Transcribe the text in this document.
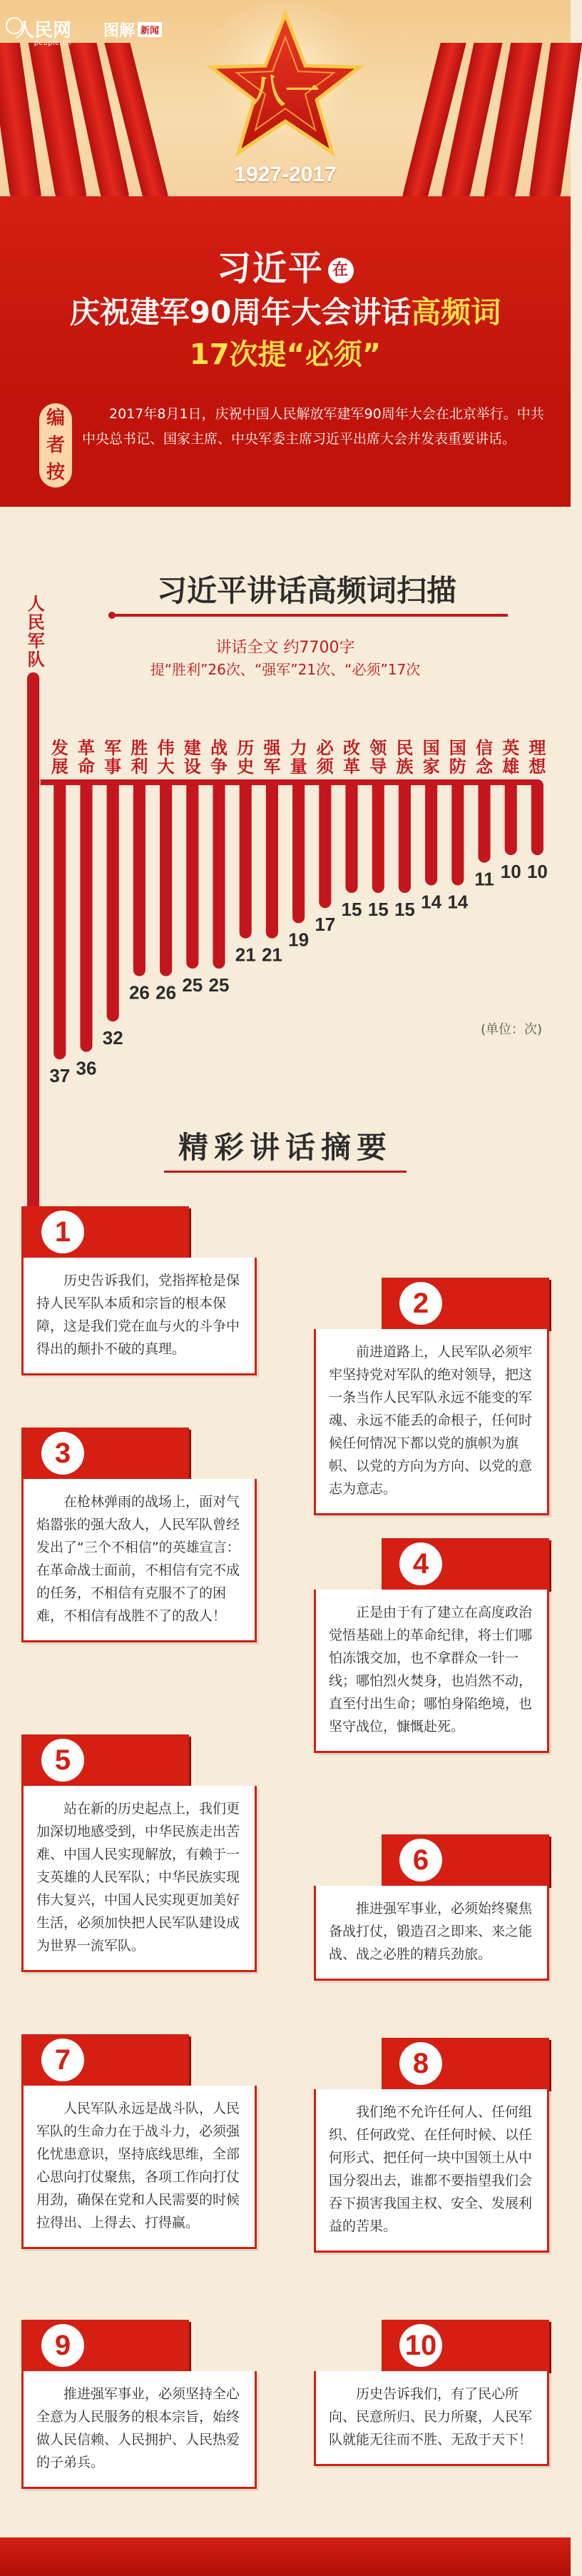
人民网
people.cn
图解 新闻
八一
1927-2017
习近平 在
庆祝建军90周年大会讲话高频词
17次提“必须”
编
者
按
2017年8月1日，庆祝中国人民解放军建军90周年大会在北京举行。中共中央总书记、国家主席、中央军委主席习近平出席大会并发表重要讲话。
习近平讲话高频词扫描
讲话全文 约7700字
提“胜利”26次、“强军”21次、“必须”17次
人
民
军
队
发
展
37
革
命
36
军
事
32
胜
利
26
伟
大
26
建
设
25
战
争
25
历
史
21
强
军
21
力
量
19
必
须
17
改
革
15
领
导
15
民
族
15
国
家
14
国
防
14
信
念
11
英
雄
10
理
想
10
(单位：次)
精彩讲话摘要
1
历史告诉我们，党指挥枪是保持人民军队本质和宗旨的根本保障，这是我们党在血与火的斗争中得出的颠扑不破的真理。
2
前进道路上，人民军队必须牢牢坚持党对军队的绝对领导，把这一条当作人民军队永远不能变的军魂、永远不能丢的命根子，任何时候任何情况下都以党的旗帜为旗帜、以党的方向为方向、以党的意志为意志。
3
在枪林弹雨的战场上，面对气焰嚣张的强大敌人，人民军队曾经发出了“三个不相信”的英雄宣言：在革命战士面前，不相信有完不成的任务，不相信有克服不了的困难，不相信有战胜不了的敌人！
4
正是由于有了建立在高度政治觉悟基础上的革命纪律，将士们哪怕冻饿交加，也不拿群众一针一线；哪怕烈火焚身，也岿然不动，直至付出生命；哪怕身陷绝境，也坚守战位，慷慨赴死。
5
站在新的历史起点上，我们更加深切地感受到，中华民族走出苦难、中国人民实现解放，有赖于一支英雄的人民军队；中华民族实现伟大复兴，中国人民实现更加美好生活，必须加快把人民军队建设成为世界一流军队。
6
推进强军事业，必须始终聚焦备战打仗，锻造召之即来、来之能战、战之必胜的精兵劲旅。
7
人民军队永远是战斗队，人民军队的生命力在于战斗力，必须强化忧患意识，坚持底线思维，全部心思向打仗聚焦，各项工作向打仗用劲，确保在党和人民需要的时候拉得出、上得去、打得赢。
8
我们绝不允许任何人、任何组织、任何政党、在任何时候、以任何形式、把任何一块中国领土从中国分裂出去，谁都不要指望我们会吞下损害我国主权、安全、发展利益的苦果。
9
推进强军事业，必须坚持全心全意为人民服务的根本宗旨，始终做人民信赖、人民拥护、人民热爱的子弟兵。
10
历史告诉我们，有了民心所向、民意所归、民力所聚，人民军队就能无往而不胜、无敌于天下！
